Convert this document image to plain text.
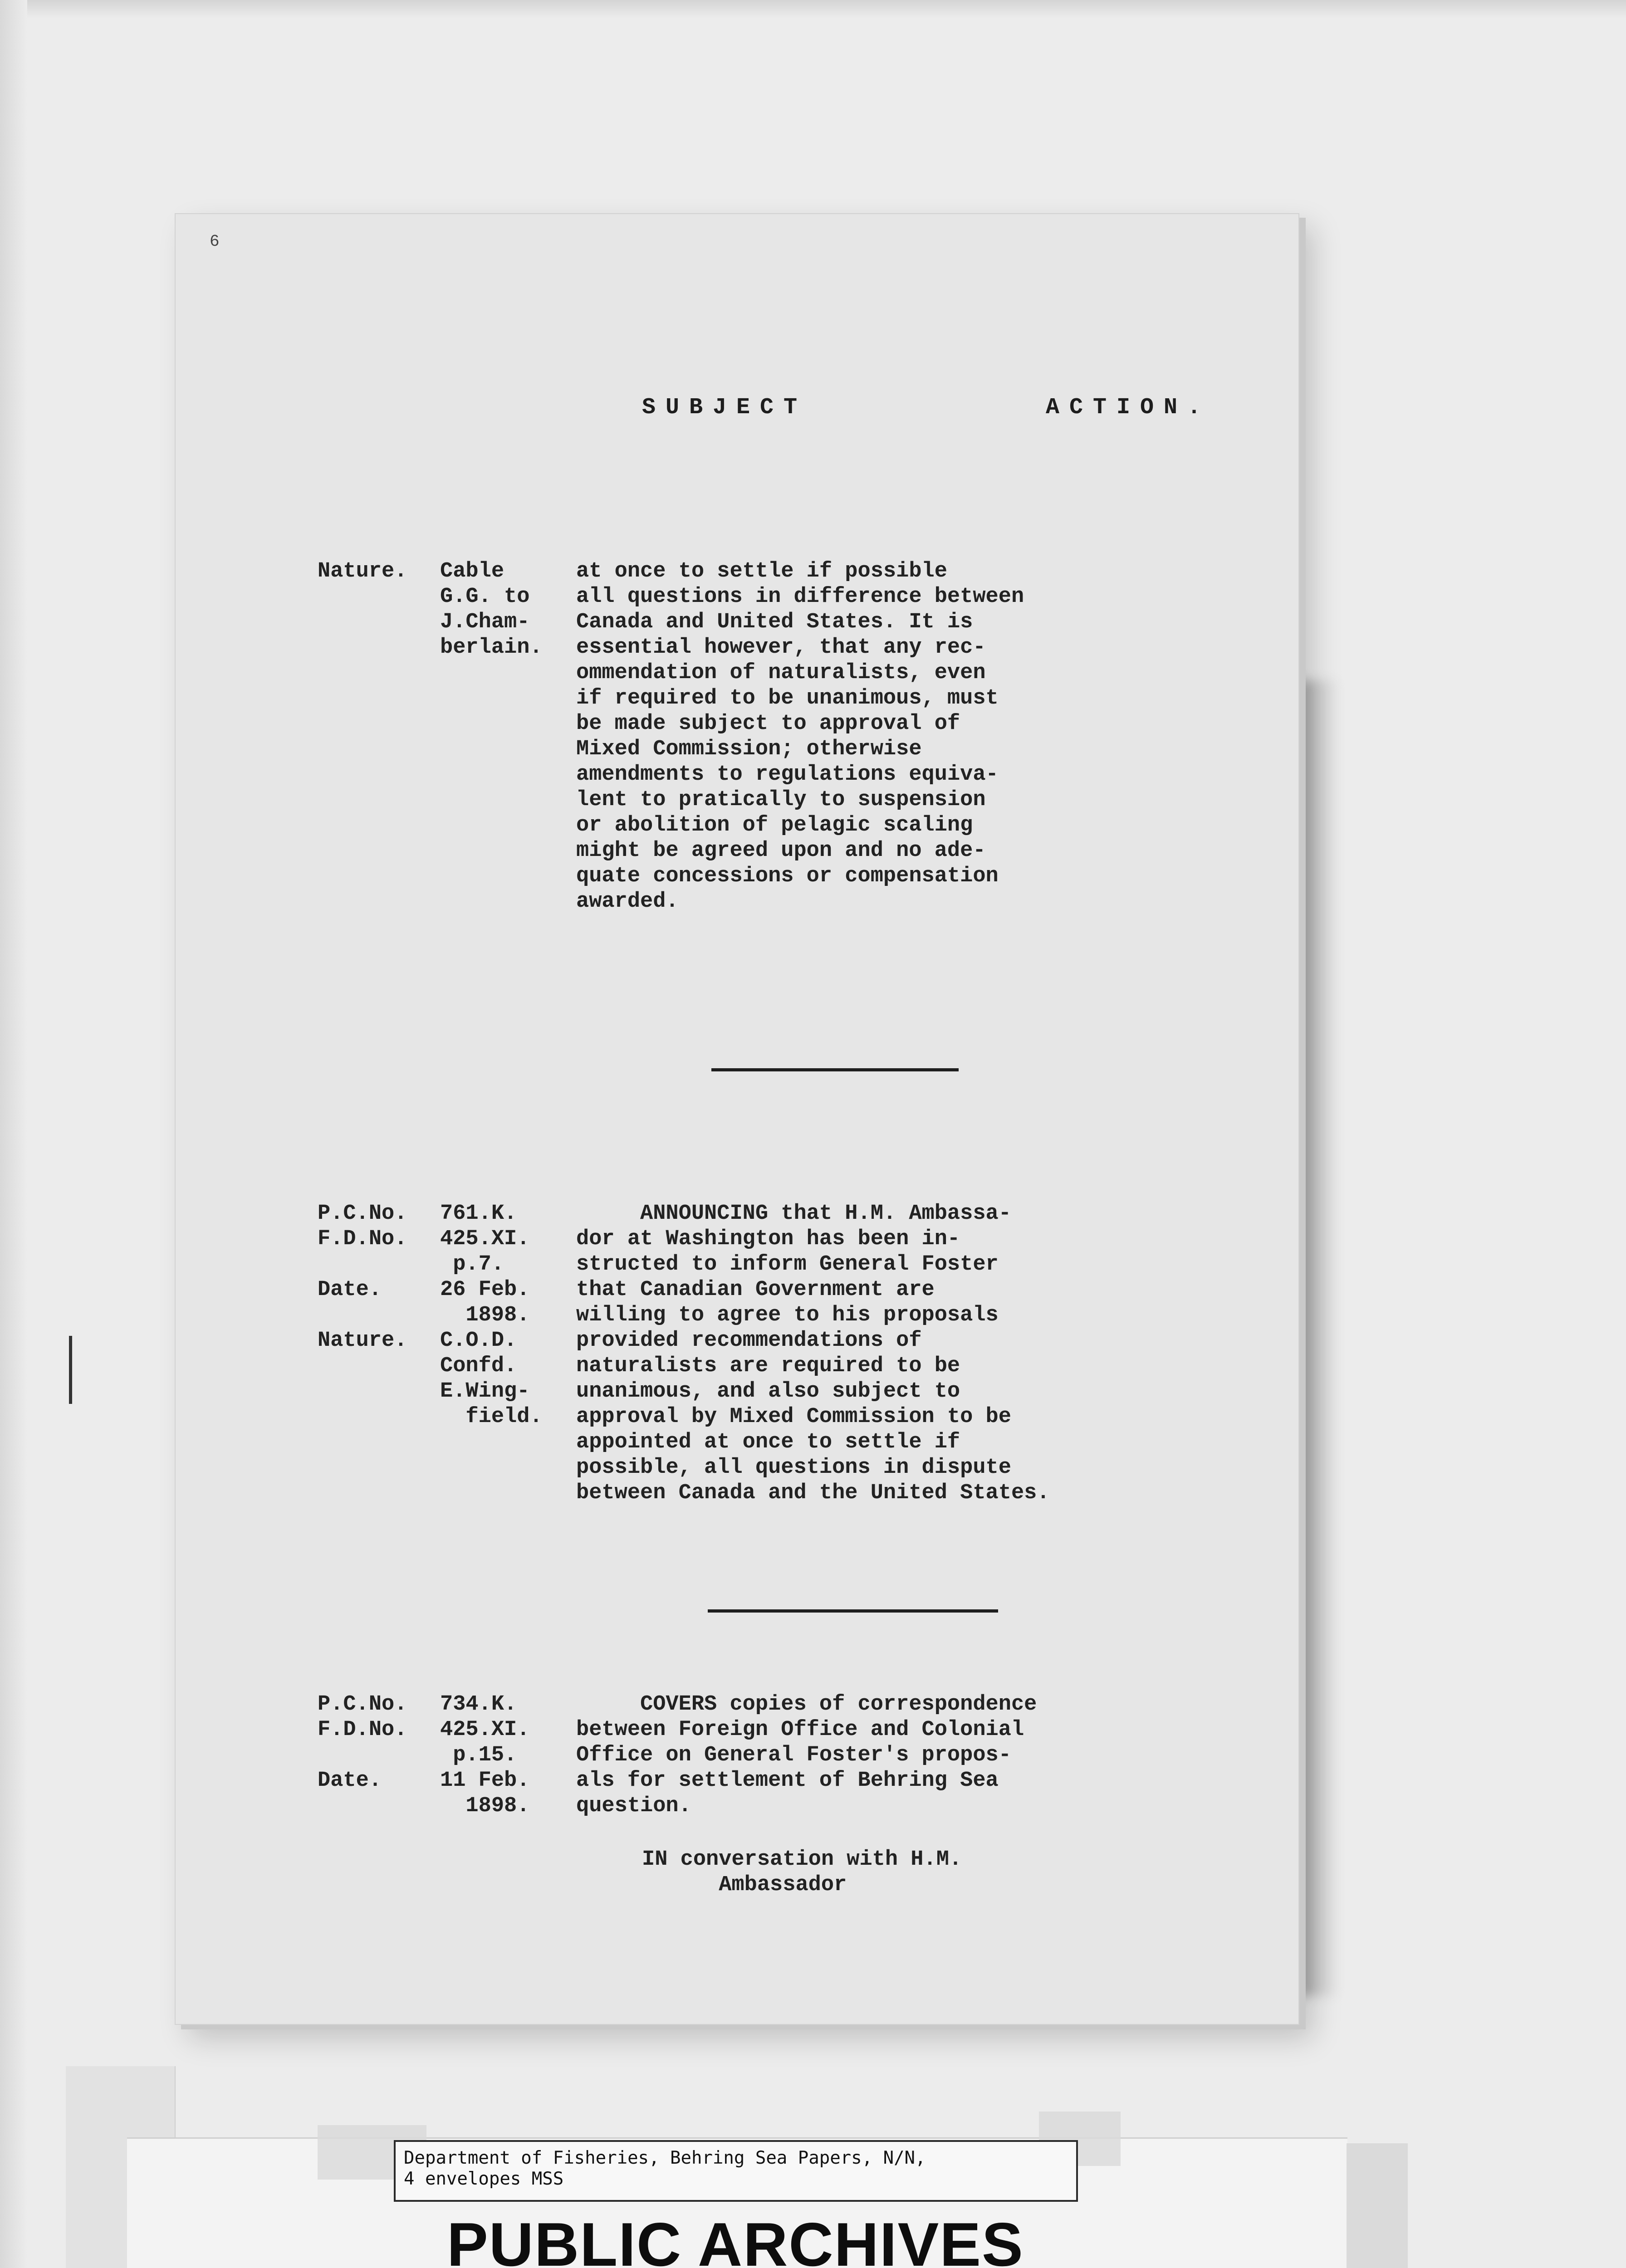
6
SUBJECT	ACTION.
Nature. Cable
G.G. to
J.Cham-
berlain.
at once to settle if possible
all questions in difference between
Canada and United States. It is
essential however, that any rec-
ommendation of naturalists, even
if required to be unanimous, must
be made subject to approval of
Mixed Commission; otherwise
amendments to regulations equiva-
lent to pratically to suspension
or abolition of pelagic scaling
might be agreed upon and no ade-
quate concessions or compensation
awarded.
P.C.No.
F.D.No.

Date.

Nature.
761.K.
425.XI.
p.7.
26 Feb.
1898.
C.O.D.
Confd.
E.Wing-
field.
ANNOUNCING that H.M. Ambassa-
dor at Washington has been in-
structed to inform General Foster
that Canadian Government are
willing to agree to his proposals
provided recommendations of
naturalists are required to be
unanimous, and also subject to
approval by Mixed Commission to be
appointed at once to settle if
possible, all questions in dispute
between Canada and the United States.
P.C.No.
F.D.No.

Date.
734.K.
425.XI.
p.15.
11 Feb.
1898.
COVERS copies of correspondence
between Foreign Office and Colonial
Office on General Foster's propos-
als for settlement of Behring Sea
question.
IN conversation with H.M.
Ambassador
Department of Fisheries, Behring Sea Papers, N/N,
4 envelopes MSS
PUBLIC ARCHIVES
